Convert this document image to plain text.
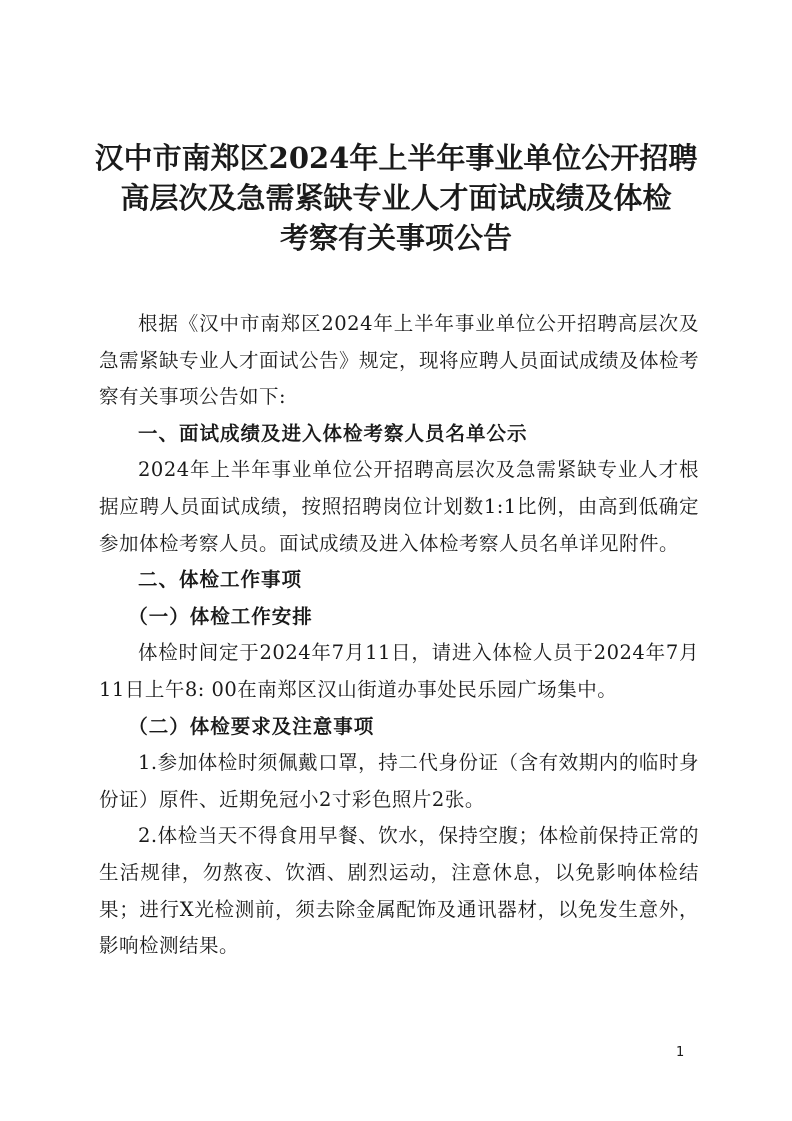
汉中市南郑区2024年上半年事业单位公开招聘
高层次及急需紧缺专业人才面试成绩及体检
考察有关事项公告

根据《汉中市南郑区2024年上半年事业单位公开招聘高层次及急需紧缺专业人才面试公告》规定，现将应聘人员面试成绩及体检考察有关事项公告如下:

一、面试成绩及进入体检考察人员名单公示

2024年上半年事业单位公开招聘高层次及急需紧缺专业人才根据应聘人员面试成绩，按照招聘岗位计划数1:1比例，由高到低确定参加体检考察人员。面试成绩及进入体检考察人员名单详见附件。

二、体检工作事项

（一）体检工作安排

体检时间定于2024年7月11日，请进入体检人员于2024年7月11日上午8: 00在南郑区汉山街道办事处民乐园广场集中。

（二）体检要求及注意事项

1.参加体检时须佩戴口罩，持二代身份证（含有效期内的临时身份证）原件、近期免冠小2寸彩色照片2张。

2.体检当天不得食用早餐、饮水，保持空腹；体检前保持正常的生活规律，勿熬夜、饮酒、剧烈运动，注意休息，以免影响体检结果；进行X光检测前，须去除金属配饰及通讯器材，以免发生意外，影响检测结果。

1
